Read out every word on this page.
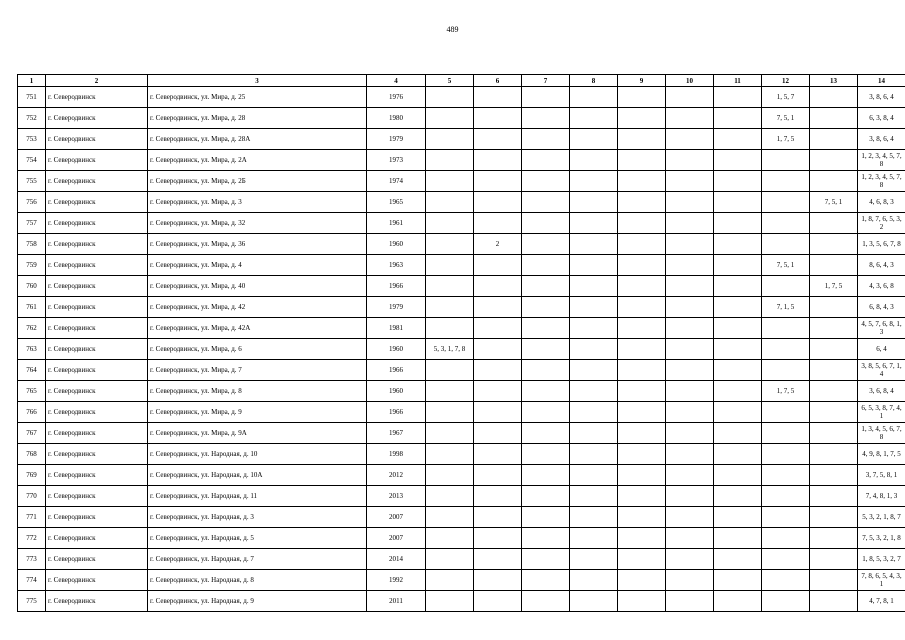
489
1	2	3	4	5	6	7	8	9	10	11	12	13	14
751	г. Северодвинск	г. Северодвинск, ул. Мира, д. 25	1976								1, 5, 7		3, 8, 6, 4
752	г. Северодвинск	г. Северодвинск, ул. Мира, д. 28	1980								7, 5, 1		6, 3, 8, 4
753	г. Северодвинск	г. Северодвинск, ул. Мира, д. 28А	1979								1, 7, 5		3, 8, 6, 4
754	г. Северодвинск	г. Северодвинск, ул. Мира, д. 2А	1973										1, 2, 3, 4, 5, 7, 8
755	г. Северодвинск	г. Северодвинск, ул. Мира, д. 2Б	1974										1, 2, 3, 4, 5, 7, 8
756	г. Северодвинск	г. Северодвинск, ул. Мира, д. 3	1965									7, 5, 1	4, 6, 8, 3
757	г. Северодвинск	г. Северодвинск, ул. Мира, д. 32	1961										1, 8, 7, 6, 5, 3, 2
758	г. Северодвинск	г. Северодвинск, ул. Мира, д. 36	1960		2								1, 3, 5, 6, 7, 8
759	г. Северодвинск	г. Северодвинск, ул. Мира, д. 4	1963								7, 5, 1		8, 6, 4, 3
760	г. Северодвинск	г. Северодвинск, ул. Мира, д. 40	1966									1, 7, 5	4, 3, 6, 8
761	г. Северодвинск	г. Северодвинск, ул. Мира, д. 42	1979								7, 1, 5		6, 8, 4, 3
762	г. Северодвинск	г. Северодвинск, ул. Мира, д. 42А	1981										4, 5, 7, 6, 8, 1, 3
763	г. Северодвинск	г. Северодвинск, ул. Мира, д. 6	1960	5, 3, 1, 7, 8									6, 4
764	г. Северодвинск	г. Северодвинск, ул. Мира, д. 7	1966										3, 8, 5, 6, 7, 1, 4
765	г. Северодвинск	г. Северодвинск, ул. Мира, д. 8	1960								1, 7, 5		3, 6, 8, 4
766	г. Северодвинск	г. Северодвинск, ул. Мира, д. 9	1966										6, 5, 3, 8, 7, 4, 1
767	г. Северодвинск	г. Северодвинск, ул. Мира, д. 9А	1967										1, 3, 4, 5, 6, 7, 8
768	г. Северодвинск	г. Северодвинск, ул. Народная, д. 10	1998										4, 9, 8, 1, 7, 5
769	г. Северодвинск	г. Северодвинск, ул. Народная, д. 10А	2012										3, 7, 5, 8, 1
770	г. Северодвинск	г. Северодвинск, ул. Народная, д. 11	2013										7, 4, 8, 1, 3
771	г. Северодвинск	г. Северодвинск, ул. Народная, д. 3	2007										5, 3, 2, 1, 8, 7
772	г. Северодвинск	г. Северодвинск, ул. Народная, д. 5	2007										7, 5, 3, 2, 1, 8
773	г. Северодвинск	г. Северодвинск, ул. Народная, д. 7	2014										1, 8, 5, 3, 2, 7
774	г. Северодвинск	г. Северодвинск, ул. Народная, д. 8	1992										7, 8, 6, 5, 4, 3, 1
775	г. Северодвинск	г. Северодвинск, ул. Народная, д. 9	2011										4, 7, 8, 1
